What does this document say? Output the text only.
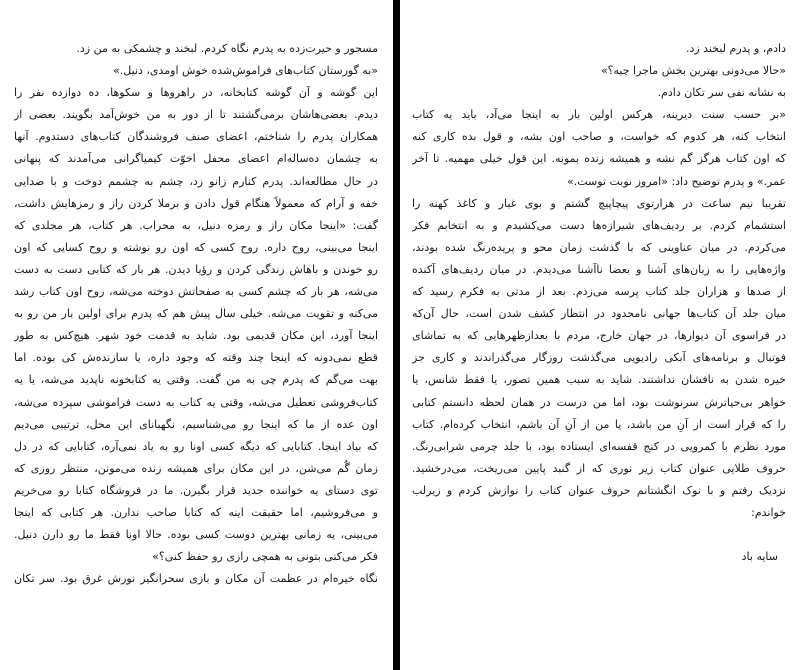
مسحور و حیرت‌زده به پدرم نگاه کردم. لبخند و چشمکی به من زد.
«به گورستان کتاب‌های فراموش‌شده خوش اومدی، دنیل.»
این گوشه و آن گوشه کتابخانه، در راهروها و سکوها، ده دوازده نفر را
دیدم. بعضی‌هاشان برمی‌گشتند تا از دور به من خوش‌آمد بگویند. بعضی از
همکاران پدرم را شناختم، اعضای صنف فروشندگان کتاب‌های دستدوم. آنها
به چشمان ده‌ساله‌ام اعضای محفل اخوّت کیمیاگرانی می‌آمدند که پنهانی
در حال مطالعه‌اند. پدرم کنارم زانو زد، چشم به چشمم دوخت و با صدایی
خفه و آرام که معمولاً هنگام قول دادن و برملا کردن راز و رمزهایش داشت،
گفت: «اینجا مکان راز و رمزه دنیل، به محراب. هر کتاب، هر مجلدی که
اینجا می‌بینی، روح داره. روح کسی که اون رو نوشته و روح کسایی که اون
رو خوندن و باهاش زندگی کردن و رؤیا دیدن. هر بار که کتابی دست به دست
می‌شه، هر بار که چشم کسی به صفحاتش دوخته می‌شه، روح اون کتاب رشد
می‌کنه و تقویت می‌شه. خیلی سال پیش هم که پدرم برای اولین بار من رو به
اینجا آورد، این مکان قدیمی بود. شاید به قدمت خود شهر. هیچ‌کس به طور
قطع نمی‌دونه که اینجا چند وقته که وجود داره، یا سازنده‌ش کی بوده. اما
بهت می‌گم که پدرم چی به من گفت. وقتی یه کتابخونه ناپدید می‌شه، یا یه
کتاب‌فروشی تعطیل می‌شه، وقتی یه کتاب به دست فراموشی سپرده می‌شه،
اون عده از ما که اینجا رو می‌شناسیم، نگهبانای این محل، ترتیبی می‌دیم
که بیاد اینجا. کتابایی که دیگه کسی اونا رو به یاد نمی‌آره، کتابایی که در دل
زمان گُم می‌شن، در این مکان برای همیشه زنده می‌مونن، منتظر روزی که
توی دستای یه خواننده جدید قرار بگیرن. ما در فروشگاه کتابا رو می‌خریم
و می‌فروشیم، اما حقیقت اینه که کتابا صاحب ندارن. هر کتابی که اینجا
می‌بینی، یه زمانی بهترین دوست کسی بوده. حالا اونا فقط ما رو دارن دنیل.
فکر می‌کنی بتونی به همچی رازی رو حفظ کنی؟»
نگاه خیره‌ام در عظمت آن مکان و بازی سحرانگیز نورش غرق بود. سر تکان
دادم، و پدرم لبخند زد.
«حالا می‌دونی بهترین بخش ماجرا چیه؟»
به نشانه نفی سر تکان دادم.
«بر حسب سنت دیرینه، هرکس اولین بار به اینجا می‌آد، باید یه کتاب
انتخاب کنه، هر کدوم که خواست، و صاحب اون بشه، و قول بده کاری کنه
که اون کتاب هرگز گم نشه و همیشه زنده بمونه. این قول خیلی مهمیه. تا آخر
عمر.» و پدرم توضیح داد: «امروز نوبت توست.»
تقریبا نیم ساعت در هزارتوی پیچاپیچ گشتم و بوی غبار و کاغذ کهنه را
استشمام کردم. بر ردیف‌های شیرازه‌ها دست می‌کشیدم و به انتخابم فکر
می‌کردم. در میان عناوینی که با گذشت زمان محو و پریده‌رنگ شده بودند،
واژه‌هایی را به زبان‌های آشنا و بعضا ناآشنا می‌دیدم. در میان ردیف‌های آکنده
از صدها و هزاران جلد کتاب پرسه می‌زدم. بعد از مدتی به فکرم رسید که
میان جلد آن کتاب‌ها جهانی نامحدود در انتظار کشف شدن است، حال آن‌که
در فراسوی آن دیوارها، در جهان خارج، مردم با بعدازظهرهایی که به تماشای
فوتبال و برنامه‌های آبکی رادیویی می‌گذشت روزگار می‌گذراندند و کاری جز
خیره شدن به نافشان نداشتند. شاید به سبب همین تصور، یا فقط شانس، یا
خواهر بی‌حیاترش سرنوشت بود، اما من درست در همان لحظه دانستم کتابی
را که قرار است از آنِ من باشد، یا من از آنِ آن باشم، انتخاب کرده‌ام. کتاب
مورد نظرم با کمرویی در کنج قفسه‌ای ایستاده بود، با جلد چرمی شرابی‌رنگ.
حروف طلایی عنوان کتاب زیر نوری که از گنبد پایین می‌ریخت، می‌درخشید.
نزدیک رفتم و با نوک انگشتانم حروف عنوان کتاب را نوازش کردم و زیرلب
خواندم:
سایه باد
